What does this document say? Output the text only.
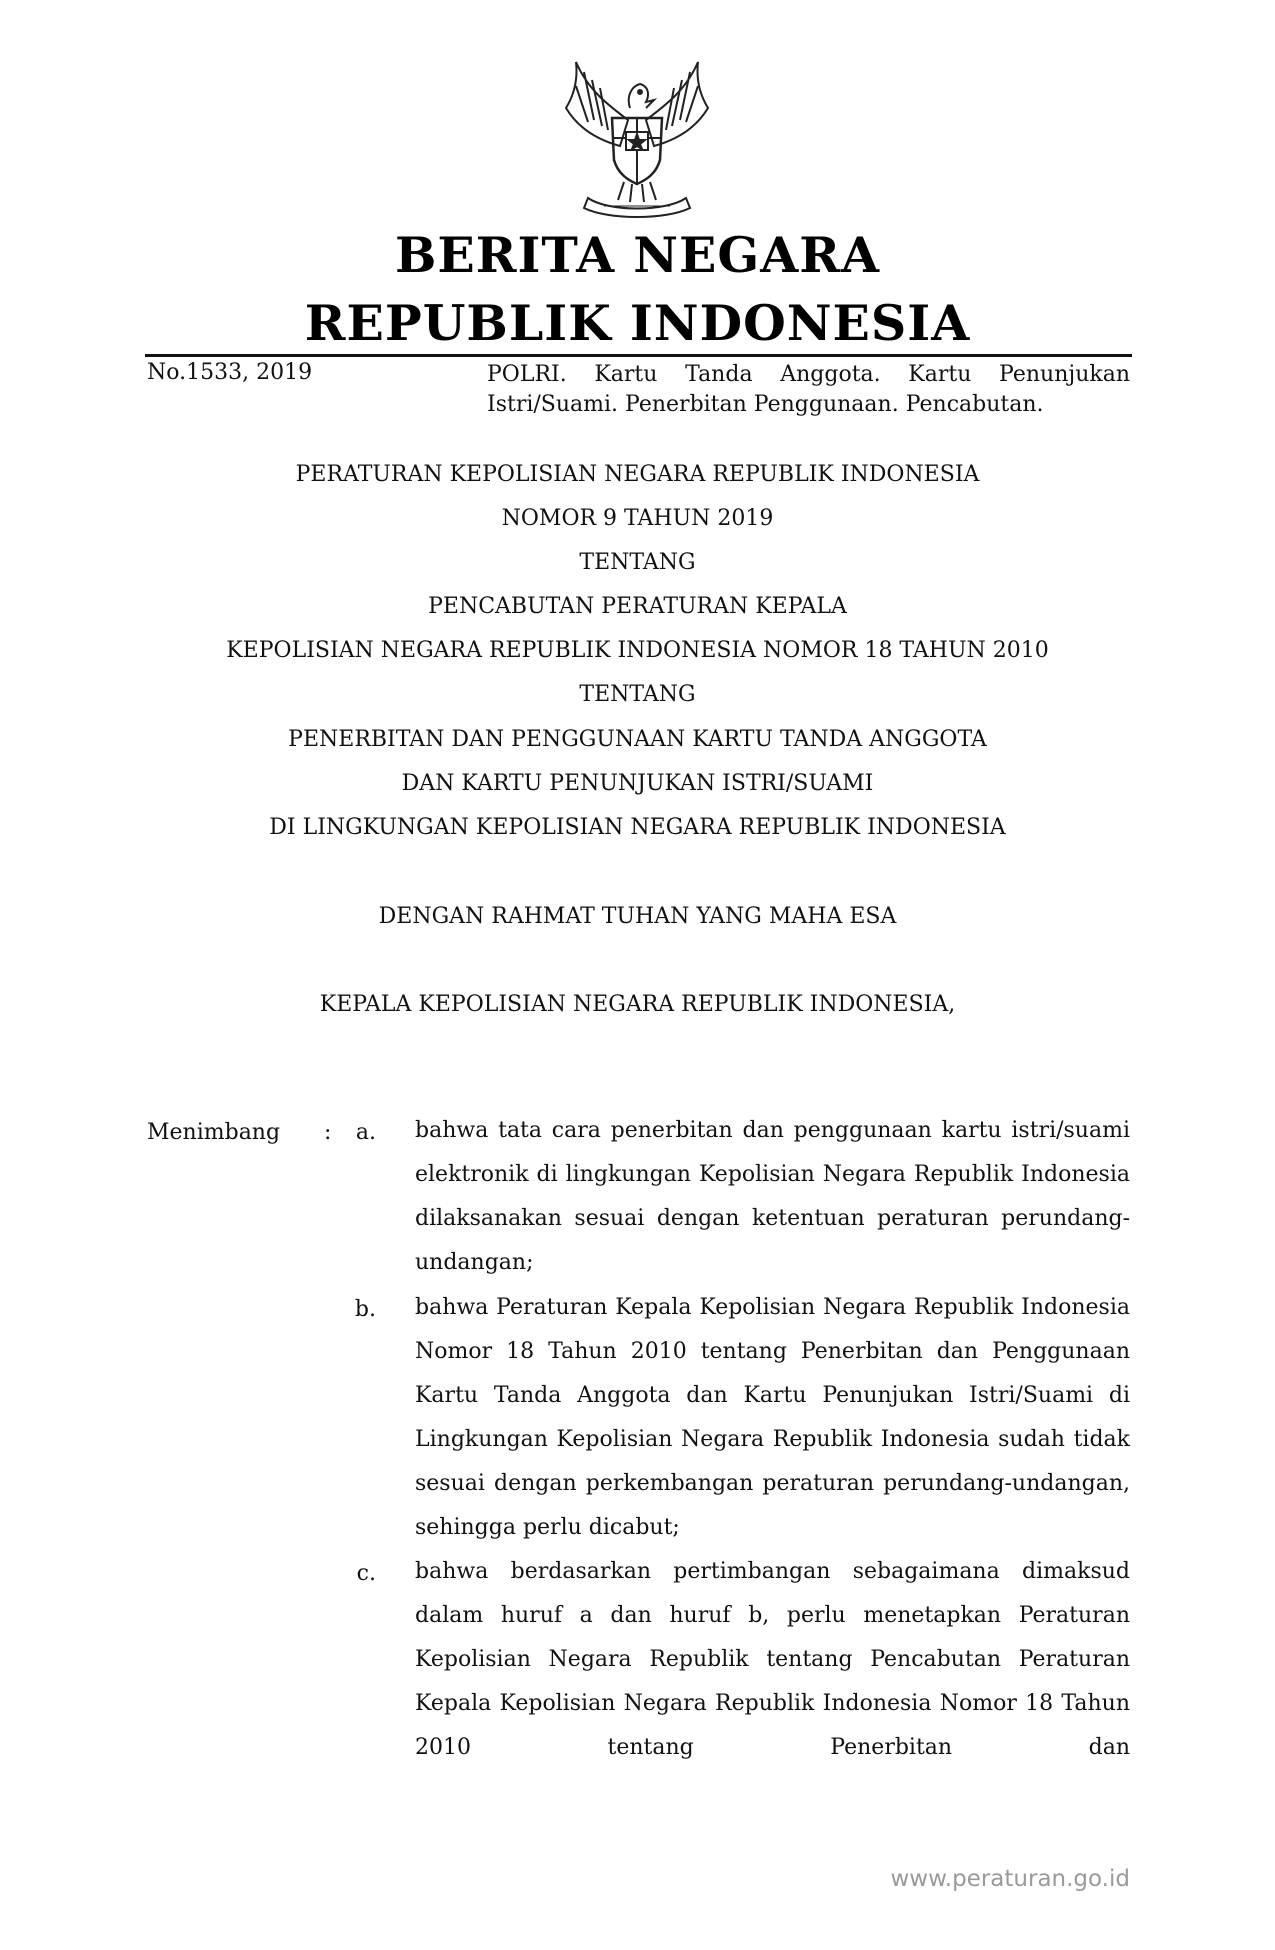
BERITA NEGARA
REPUBLIK INDONESIA
No.1533, 2019	POLRI. Kartu Tanda Anggota. Kartu Penunjukan
Istri/Suami. Penerbitan Penggunaan. Pencabutan.
PERATURAN KEPOLISIAN NEGARA REPUBLIK INDONESIA
NOMOR 9 TAHUN 2019
TENTANG
PENCABUTAN PERATURAN KEPALA
KEPOLISIAN NEGARA REPUBLIK INDONESIA NOMOR 18 TAHUN 2010
TENTANG
PENERBITAN DAN PENGGUNAAN KARTU TANDA ANGGOTA
DAN KARTU PENUNJUKAN ISTRI/SUAMI
DI LINGKUNGAN KEPOLISIAN NEGARA REPUBLIK INDONESIA
DENGAN RAHMAT TUHAN YANG MAHA ESA
KEPALA KEPOLISIAN NEGARA REPUBLIK INDONESIA,
Menimbang :	a. bahwa tata cara penerbitan dan penggunaan kartu istri/suami elektronik di lingkungan Kepolisian Negara Republik Indonesia dilaksanakan sesuai dengan ketentuan peraturan perundang-undangan;
b. bahwa Peraturan Kepala Kepolisian Negara Republik Indonesia Nomor 18 Tahun 2010 tentang Penerbitan dan Penggunaan Kartu Tanda Anggota dan Kartu Penunjukan Istri/Suami di Lingkungan Kepolisian Negara Republik Indonesia sudah tidak sesuai dengan perkembangan peraturan perundang-undangan, sehingga perlu dicabut;
c. bahwa berdasarkan pertimbangan sebagaimana dimaksud dalam huruf a dan huruf b, perlu menetapkan Peraturan Kepolisian Negara Republik tentang Pencabutan Peraturan Kepala Kepolisian Negara Republik Indonesia Nomor 18 Tahun 2010 tentang Penerbitan dan
www.peraturan.go.id
